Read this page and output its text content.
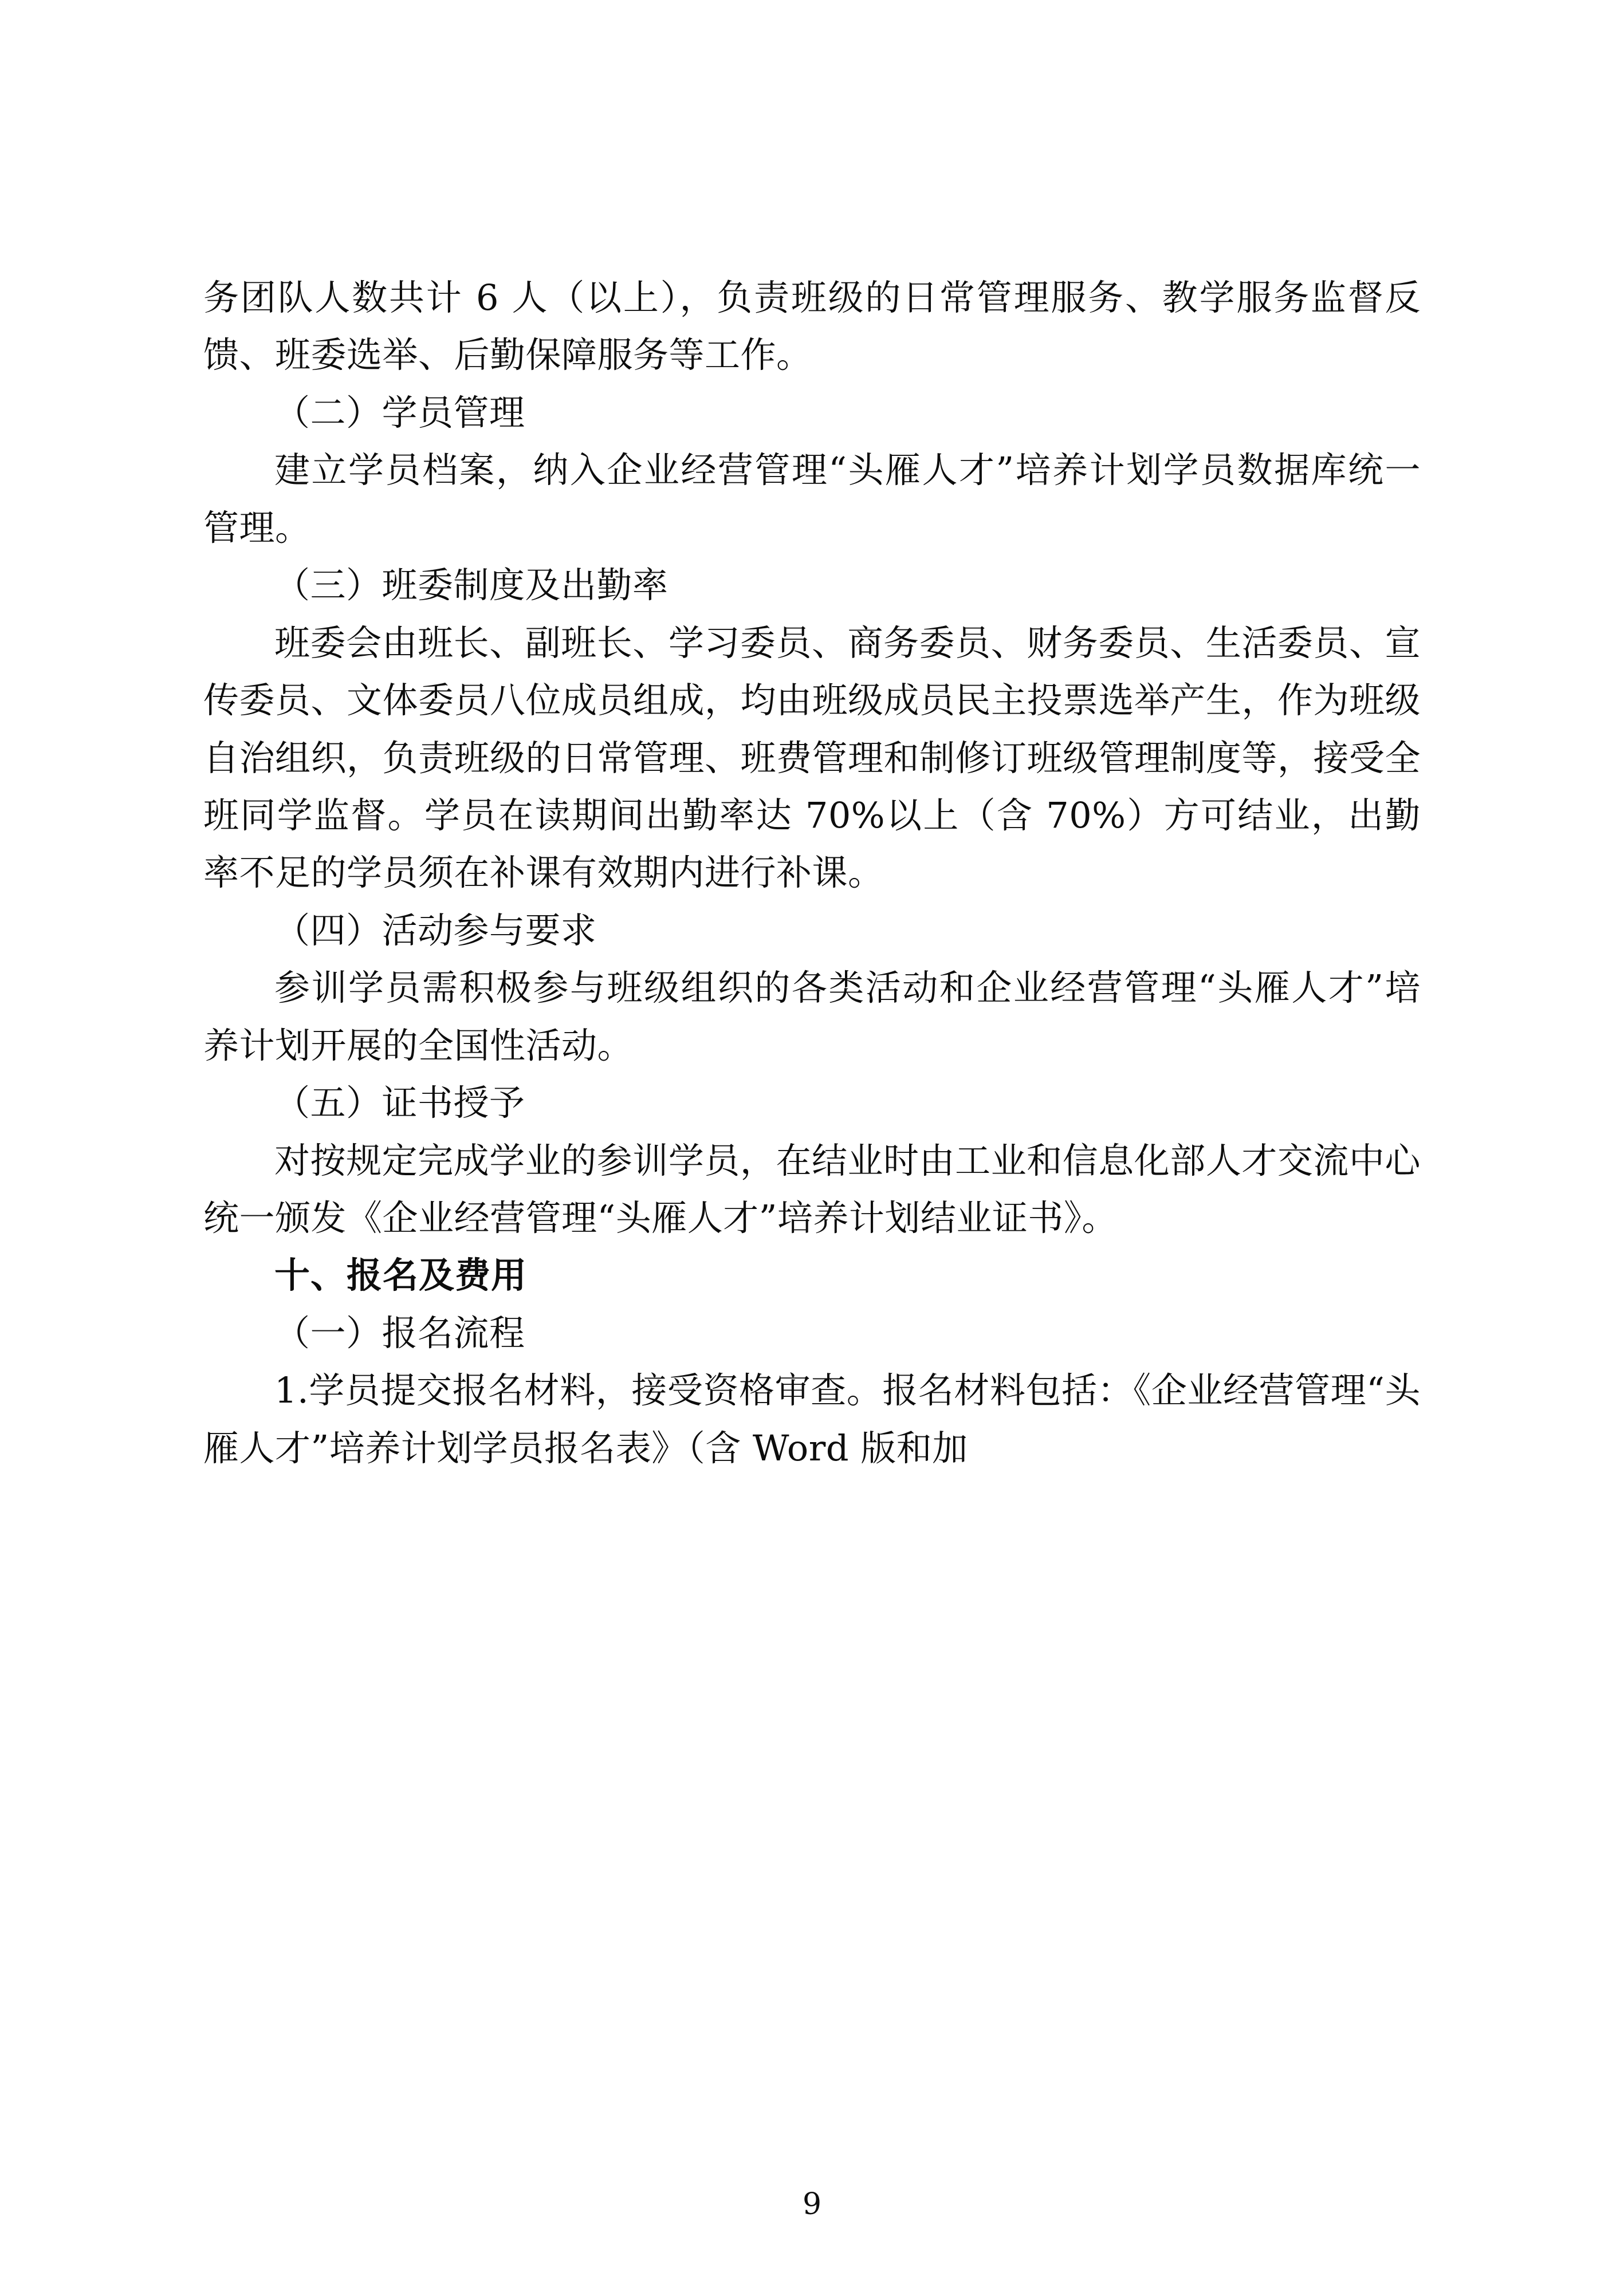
务团队人数共计 6 人（以上），负责班级的日常管理服务、教学服务监督反馈、班委选举、后勤保障服务等工作。

（二）学员管理

建立学员档案，纳入企业经营管理“头雁人才”培养计划学员数据库统一管理。

（三）班委制度及出勤率

班委会由班长、副班长、学习委员、商务委员、财务委员、生活委员、宣传委员、文体委员八位成员组成，均由班级成员民主投票选举产生，作为班级自治组织，负责班级的日常管理、班费管理和制修订班级管理制度等，接受全班同学监督。学员在读期间出勤率达 70%以上（含 70%）方可结业，出勤率不足的学员须在补课有效期内进行补课。

（四）活动参与要求

参训学员需积极参与班级组织的各类活动和企业经营管理“头雁人才”培养计划开展的全国性活动。

（五）证书授予

对按规定完成学业的参训学员，在结业时由工业和信息化部人才交流中心统一颁发《企业经营管理“头雁人才”培养计划结业证书》。

十、报名及费用

（一）报名流程

1.学员提交报名材料，接受资格审查。报名材料包括：《企业经营管理“头雁人才”培养计划学员报名表》（含 Word 版和加

9
